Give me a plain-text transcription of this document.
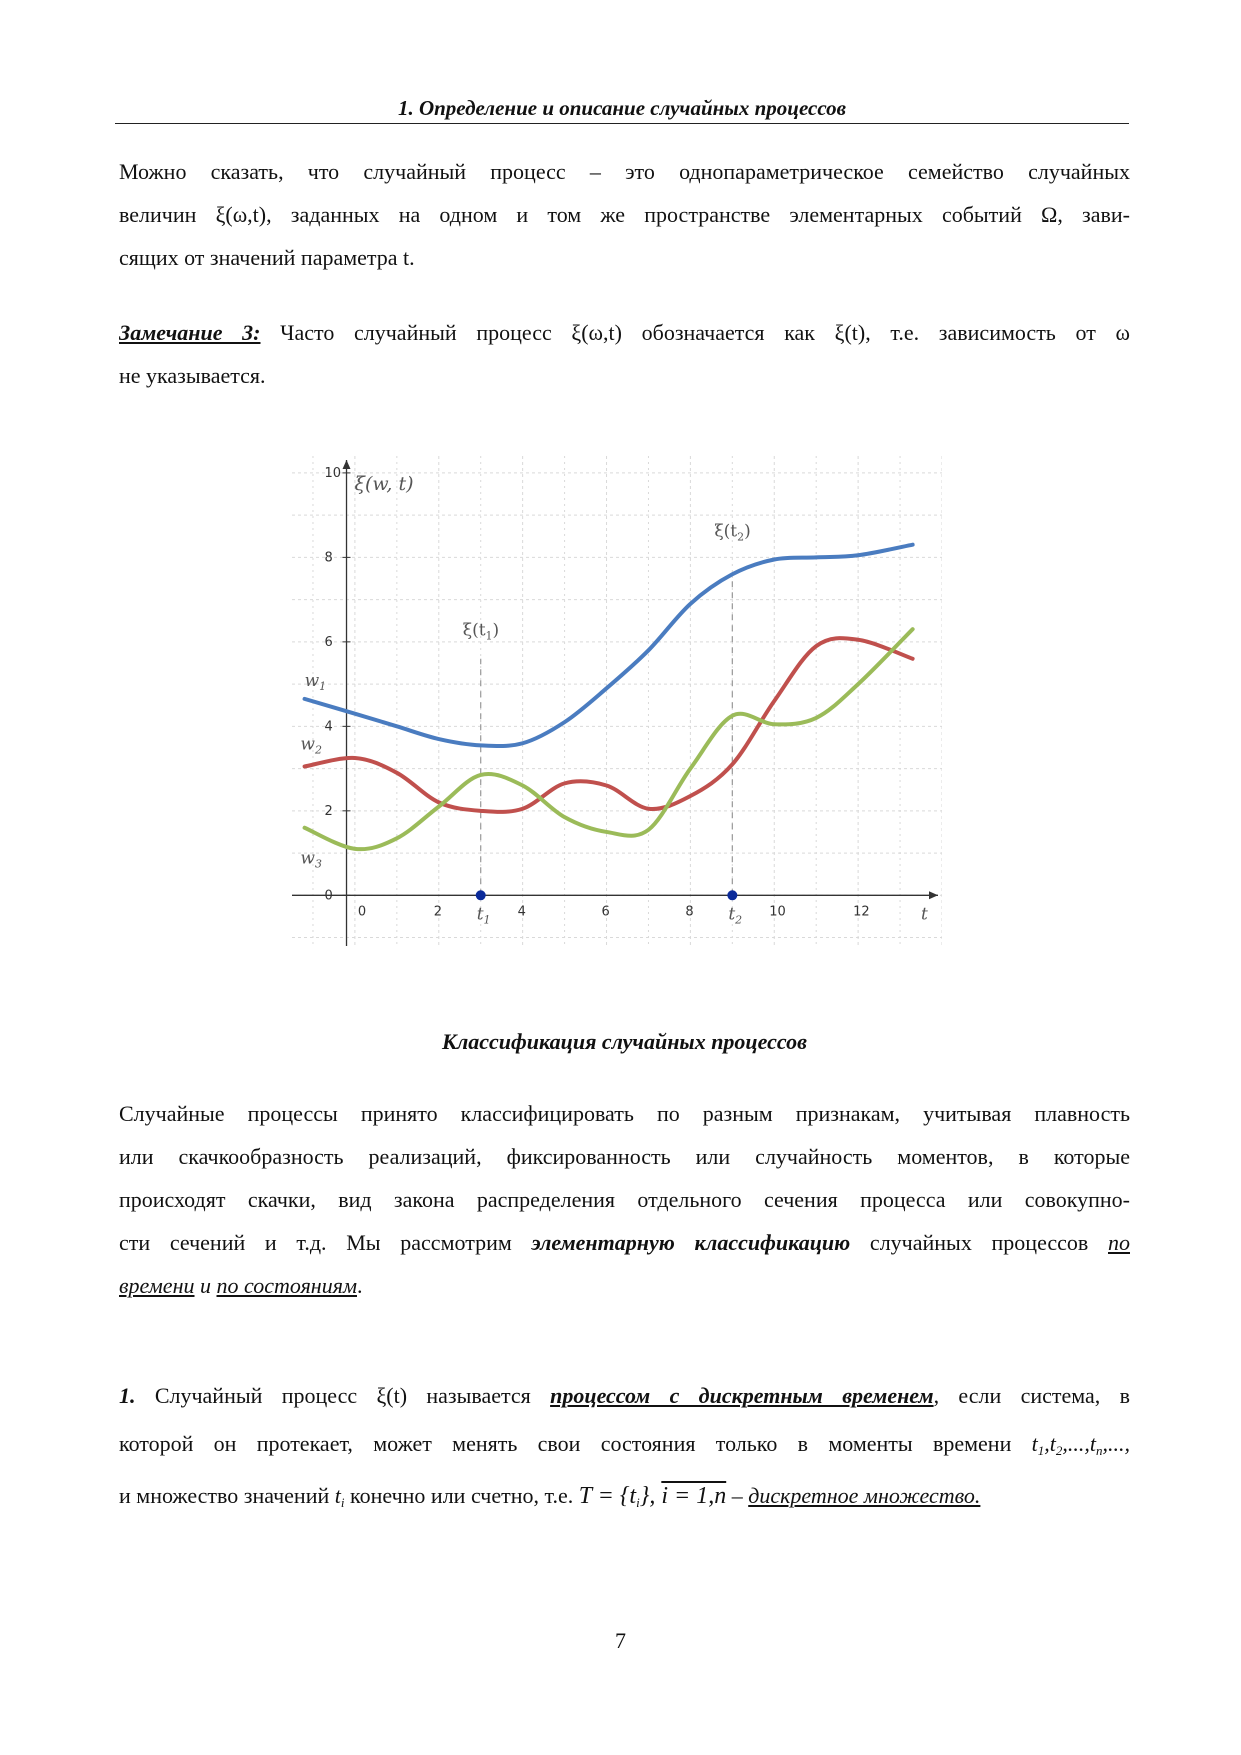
1. Определение и описание случайных процессов
Можно сказать, что случайный процесс – это однопараметрическое семейство случайных
величин ξ(ω,t), заданных на одном и том же пространстве элементарных событий Ω, зави-
сящих от значений параметра t.
Замечание 3: Часто случайный процесс ξ(ω,t) обозначается как ξ(t), т.е. зависимость от ω
не указывается.
0	2	4	6	8	10	12
0
2
4
6
8
10 ξ(w, t)
t
$t_1$
$\xi(t_1)$
$t_2$
$\xi(t_2)$
$w_1$
$w_2$
$w_3$
Классификация случайных процессов
Случайные процессы принято классифицировать по разным признакам, учитывая плавность
или скачкообразность реализаций, фиксированность или случайность моментов, в которые
происходят скачки, вид закона распределения отдельного сечения процесса или совокупно-
сти сечений и т.д. Мы рассмотрим элементарную классификацию случайных процессов по
времени и по состояниям.
1. Случайный процесс ξ(t) называется процессом с дискретным временем, если система, в
которой он протекает, может менять свои состояния только в моменты времени $t_1,t_2,...,t_n$,...,
и множество значений $t_i$ конечно или счетно, т.е. $T = \{t_i\}$, i = 1,n – дискретное множество.
7
